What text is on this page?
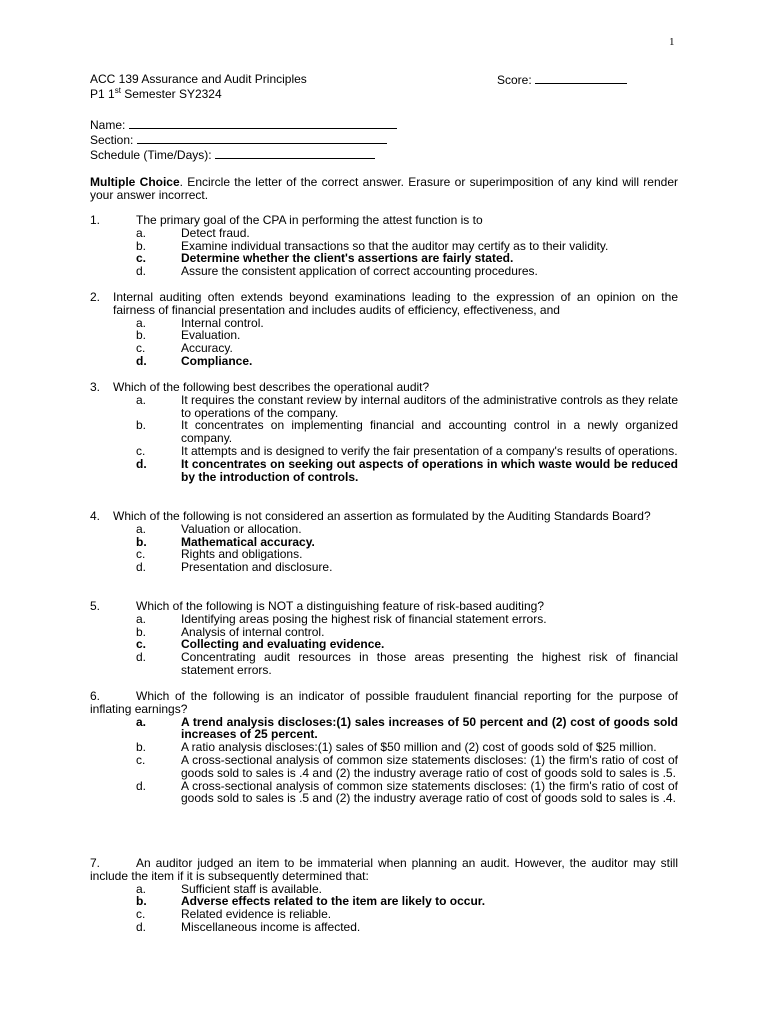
1
ACC 139 Assurance and Audit Principles	Score:
P1 1st Semester SY2324
Name:
Section:
Schedule (Time/Days):
Multiple Choice. Encircle the letter of the correct answer. Erasure or superimposition of any kind will render your answer incorrect.
1.	The primary goal of the CPA in performing the attest function is to
a.	Detect fraud.
b.	Examine individual transactions so that the auditor may certify as to their validity.
c.	Determine whether the client's assertions are fairly stated.
d.	Assure the consistent application of correct accounting procedures.
2. Internal auditing often extends beyond examinations leading to the expression of an opinion on the fairness of financial presentation and includes audits of efficiency, effectiveness, and
a.	Internal control.
b.	Evaluation.
c.	Accuracy.
d.	Compliance.
3. Which of the following best describes the operational audit?
a.	It requires the constant review by internal auditors of the administrative controls as they relate to operations of the company.
b.	It concentrates on implementing financial and accounting control in a newly organized company.
c.	It attempts and is designed to verify the fair presentation of a company's results of operations.
d.	It concentrates on seeking out aspects of operations in which waste would be reduced by the introduction of controls.
4. Which of the following is not considered an assertion as formulated by the Auditing Standards Board?
a.	Valuation or allocation.
b.	Mathematical accuracy.
c.	Rights and obligations.
d.	Presentation and disclosure.
5.	Which of the following is NOT a distinguishing feature of risk-based auditing?
a.	Identifying areas posing the highest risk of financial statement errors.
b.	Analysis of internal control.
c.	Collecting and evaluating evidence.
d.	Concentrating audit resources in those areas presenting the highest risk of financial statement errors.
6.	Which of the following is an indicator of possible fraudulent financial reporting for the purpose of inflating earnings?
a.	A trend analysis discloses:(1) sales increases of 50 percent and (2) cost of goods sold increases of 25 percent.
b.	A ratio analysis discloses:(1) sales of $50 million and (2) cost of goods sold of $25 million.
c.	A cross-sectional analysis of common size statements discloses: (1) the firm's ratio of cost of goods sold to sales is .4 and (2) the industry average ratio of cost of goods sold to sales is .5.
d.	A cross-sectional analysis of common size statements discloses: (1) the firm's ratio of cost of goods sold to sales is .5 and (2) the industry average ratio of cost of goods sold to sales is .4.
7.	An auditor judged an item to be immaterial when planning an audit. However, the auditor may still include the item if it is subsequently determined that:
a.	Sufficient staff is available.
b.	Adverse effects related to the item are likely to occur.
c.	Related evidence is reliable.
d.	Miscellaneous income is affected.
